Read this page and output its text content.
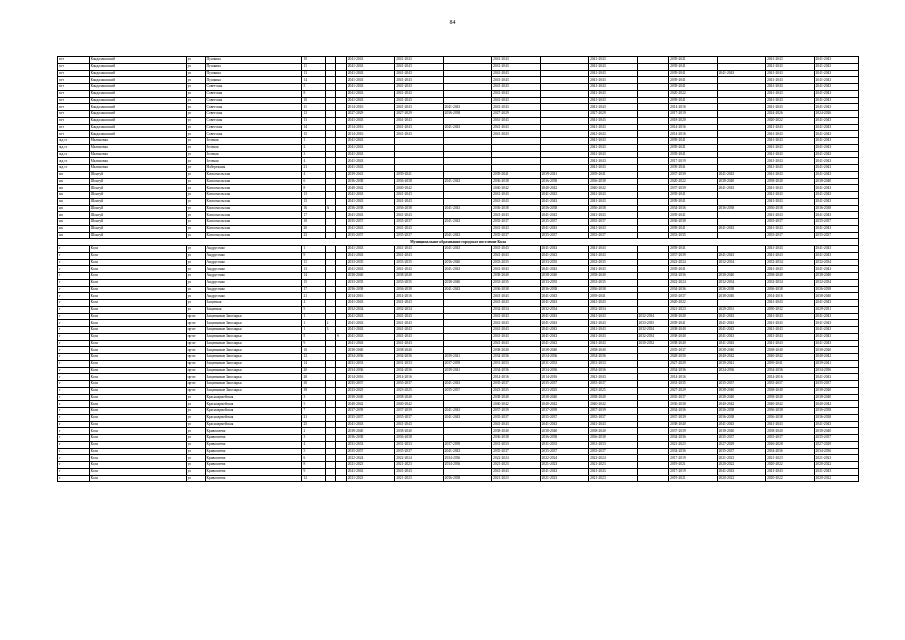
84
пгт	Кандалакшский	ул	Пушкина	10			2041-2043	2041-2043		2041-2043		2041-2043		2039-2041		2041-2043	2041-2043
пгт	Кандалакшский	ул	Пушкина	11			2041-2043	2041-2043		2041-2043		2041-2043		2039-2041		2041-2043	2041-2043
пгт	Кандалакшский	ул	Пушкина	13			2041-2043	2041-2043		2041-2043		2041-2043		2039-2041	2041-2043	2041-2043	2041-2043
пгт	Кандалакшский	ул	Пушкина	14			2041-2043	2041-2043		2041-2043		2041-2043		2039-2041		2041-2043	2041-2043
пгт	Кандалакшский	ул	Советская	5			2041-2043	2041-2043		2041-2043		2041-2043		2039-2041		2041-2043	2041-2043
пгт	Кандалакшский	ул	Советская	8			2041-2043	2041-2043		2041-2043		2041-2043		2020-2022		2041-2043	2041-2043
пгт	Кандалакшский	ул	Советская	10			2041-2043	2041-2043		2041-2043		2041-2043		2039-2041		2041-2043	2041-2043
пгт	Кандалакшский	ул	Советская	11			2014-2016	2041-2043	2041-2043	2041-2043		2041-2043		2014-2016		2041-2043	2041-2043
пгт	Кандалакшский	ул	Советская	12			2027-2029	2027-2029	2036-2038	2027-2029		2027-2029		2017-2019		2024-2026	2024-2026
пгт	Кандалакшский	ул	Советская	13			2041-2043	2041-2043		2041-2043		2041-2043		2018-2020		2020-2022	2041-2043
пгт	Кандалакшский	ул	Советская	14			2014-2016	2041-2043	2041-2043	2041-2043		2041-2043		2014-2016		2041-2043	2041-2043
пгт	Кандалакшский	ул	Советская	15			2014-2016	2041-2043		2041-2043		2041-2043		2014-2016		2041-2043	2041-2043
жд.ст	Малиновка	ул	Зеленая	1			2041-2043					2041-2043		2039-2041		2041-2043	2041-2043
жд.ст	Малиновка	ул	Зеленая	2			2041-2043					2041-2043		2039-2041		2041-2043	2041-2043
жд.ст	Малиновка	ул	Зеленая	3			2041-2043					2041-2043		2039-2041		2041-2043	2041-2043
жд.ст	Малиновка	ул	Зеленая	4			2041-2043					2041-2043		2017-2019		2041-2043	2041-2043
жд.ст	Малиновка	ул	Набережная	21			2041-2043					2041-2043		2039-2041		2041-2043	2041-2043
нп	Шонгуй	ул	Комсомольская	4			2039-2041	2039-2041		2039-2041	2039-2041	2039-2041		2037-2039	2041-2043	2041-2043	2041-2043
нп	Шонгуй	ул	Комсомольская	6			2036-2038	2036-2038	2041-2043	2036-2038	2036-2038	2036-2038		2020-2022	2038-2040	2038-2040	2038-2040
нп	Шонгуй	ул	Комсомольская	8			2040-2042	2040-2042		2040-2042	2040-2042	2040-2042		2037-2039	2041-2043	2041-2043	2041-2043
нп	Шонгуй	ул	Комсомольская	13			2041-2043	2041-2043		2041-2043	2041-2043	2041-2043		2039-2041		2041-2043	2041-2043
нп	Шонгуй	ул	Комсомольская	15			2041-2043	2041-2043		2041-2043	2041-2043	2041-2043		2039-2041		2041-2043	2041-2043
нп	Шонгуй	ул	Комсомольская	16	А		2036-2038	2036-2038	2041-2043	2036-2038	2036-2038	2036-2038		2034-2036	2036-2038	2036-2038	2036-2038
нп	Шонгуй	ул	Комсомольская	17			2041-2043	2041-2043		2041-2043	2041-2043	2041-2043		2039-2041		2041-2043	2041-2043
нп	Шонгуй	ул	Комсомольская	18			2035-2037	2035-2037	2041-2043	2035-2037	2035-2037	2035-2037		2036-2038		2035-2037	2035-2037
нп	Шонгуй	ул	Комсомольская	20			2041-2043	2041-2043		2041-2043	2041-2043	2041-2043		2039-2041	2041-2043	2041-2043	2041-2043
нп	Шонгуй	ул	Комсомольская	23			2035-2037	2035-2037	2041-2043	2035-2037	2035-2037	2035-2037		2033-2035		2035-2037	2035-2037
Муниципальное образование городское поселение Кола																	
г	Кола	ул	Андрусенко	1			2041-2043	2041-2043	2041-2043	2041-2043	2041-2043	2041-2043		2039-2041		2041-2043	2041-2043
г	Кола	ул	Андрусенко	9			2041-2043	2041-2043		2041-2043	2041-2043	2041-2043		2037-2039	2041-2043	2041-2043	2041-2043
г	Кола	ул	Андрусенко	11			2033-2035	2033-2035	2036-2040	2033-2035	2033-2035	2033-2035		2022-2024	2032-2034	2032-2034	2032-2034
г	Кола	ул	Андрусенко	13			2041-2043	2041-2043	2041-2043	2041-2043	2041-2043	2041-2043		2039-2041		2041-2043	2041-2043
г	Кола	ул	Андрусенко	14			2038-2040	2038-2040		2038-2040	2038-2040	2038-2040		2034-2036	2038-2040	2038-2040	2038-2040
г	Кола	ул	Андрусенко	15			2033-2035	2033-2035	2038-2040	2033-2035	2033-2035	2033-2035		2022-2024	2032-2034	2032-2034	2032-2034
г	Кола	ул	Андрусенко	17			2036-2038	2036-2038	2041-2043	2036-2038	2036-2038	2036-2038		2034-2036	2036-2038	2036-2038	2036-2038
г	Кола	ул	Андрусенко	21			2014-2016	2014-2016		2041-2043	2041-2043	2039-2041		2035-2037	2038-2040	2014-2016	2038-2040
г	Кола	ул	Защитная	4			2041-2043	2041-2043		2041-2043	2041-2043	2041-2043		2020-2022		2041-2043	2041-2043
г	Кола	ул	Защитная	5			2032-2034	2032-2034		2032-2034	2032-2034	2032-2034		2021-2023	2029-2031	2030-2032	2029-2031
г	Кола	пр-кт	Защитников Заполярья	1			2041-2043	2041-2043		2041-2043	2041-2043	2041-2043	2032-2034	2038-2040	2041-2043	2041-2043	2041-2043
г	Кола	пр-кт	Защитников Заполярья	1	2		2041-2043	2041-2043		2041-2043	2041-2043	2041-2043	2033-2035	2039-2041	2041-2043	2041-2043	2041-2043
г	Кола	пр-кт	Защитников Заполярья	1	3		2041-2043	2041-2043		2041-2043	2041-2043	2041-2043	2032-2034	2038-2040	2041-2043	2041-2043	2041-2043
г	Кола	пр-кт	Защитников Заполярья	5		б	2041-2043	2041-2043		2041-2043	2041-2043	2041-2043	2032-2034	2038-2040	2041-2043	2041-2043	2041-2043
г	Кола	пр-кт	Защитников Заполярья	9			2041-2043	2041-2043		2041-2043	2041-2043	2041-2043	2030-2032	2038-2040	2041-2043	2041-2043	2041-2043
г	Кола	пр-кт	Защитников Заполярья	10			2038-2040	2038-2040		2038-2040	2038-2040	2038-2040		2035-2037	2038-2040	2038-2040	2038-2040
г	Кола	пр-кт	Защитников Заполярья	12			2034-2036	2034-2036	2039-2041	2034-2036	2034-2036	2034-2036		2028-2030	2040-2042	2040-2042	2040-2042
г	Кола	пр-кт	Защитников Заполярья	14			2031-2033	2031-2033	2037-2039	2031-2033	2031-2033	2031-2033		2027-2029	2039-2041	2039-2041	2039-2041
г	Кола	пр-кт	Защитников Заполярья	20			2034-2036	2034-2036	2039-2041	2034-2036	2034-2036	2034-2036		2034-2036	2034-2036	2034-2036	2034-2036
г	Кола	пр-кт	Защитников Заполярья	28			2014-2016	2014-2016		2014-2016	2014-2016	2041-2043		2014-2016		2014-2016	2041-2043
г	Кола	пр-кт	Защитников Заполярья	30			2035-2037	2035-2037	2041-2043	2035-2037	2035-2037	2035-2037		2033-2035	2035-2037	2035-2037	2035-2037
г	Кола	пр-кт	Защитников Заполярья	38			2023-2025	2023-2025	2035-2037	2023-2025	2023-2025	2023-2025		2027-2029	2038-2040	2038-2040	2038-2040
г	Кола	ул	Красноармейская	3			2038-2040	2038-2040		2038-2040	2038-2040	2038-2040		2035-2037	2038-2040	2038-2040	2038-2040
г	Кола	ул	Красноармейская	5			2040-2042	2040-2042		2040-2042	2040-2042	2040-2042		2036-2038	2040-2042	2040-2042	2040-2042
г	Кола	ул	Красноармейская	7			2037-2039	2037-2039	2041-2043	2037-2039	2037-2039	2037-2039		2034-2036	2036-2038	2036-2038	2036-2038
г	Кола	ул	Красноармейская	21			2035-2037	2035-2037	2041-2043	2035-2037	2035-2037	2035-2037		2037-2039	2036-2038	2036-2038	2036-2038
г	Кола	ул	Красноармейская	25			2041-2043	2041-2043		2041-2043	2041-2043	2041-2043		2038-2040	2041-2043	2041-2043	2041-2043
г	Кола	ул	Кривошеева	2			2038-2040	2038-2040		2038-2040	2038-2040	2038-2040		2037-2039	2038-2040	2038-2040	2038-2040
г	Кола	ул	Кривошеева	3			2036-2038	2036-2038		2036-2038	2036-2038	2036-2038		2034-2036	2035-2037	2035-2037	2035-2037
г	Кола	ул	Кривошеева	4			2031-2033	2031-2033	2037-2039	2031-2033	2031-2033	2031-2033		2021-2023	2027-2029	2026-2028	2027-2029
г	Кола	ул	Кривошеева	5			2035-2037	2035-2037	2041-2043	2035-2037	2035-2037	2035-2037		2034-2036	2035-2037	2034-2036	2034-2036
г	Кола	ул	Кривошеева	6			2022-2024	2022-2024	2034-2036	2022-2024	2022-2024	2022-2024		2017-2019	2021-2023	2021-2023	2021-2023
г	Кола	ул	Кривошеева	8			2021-2023	2021-2023	2034-2036	2021-2023	2021-2023	2021-2023		2019-2021	2020-2022	2020-2022	2020-2022
г	Кола	ул	Кривошеева	9			2041-2043	2041-2043		2041-2043	2041-2043	2041-2043		2017-2019	2041-2043	2041-2043	2041-2043
г	Кола	ул	Кривошеева	12			2021-2023	2021-2023	2036-2038	2021-2023	2021-2023	2021-2023		2019-2021	2020-2022	2020-2022	2020-2022
